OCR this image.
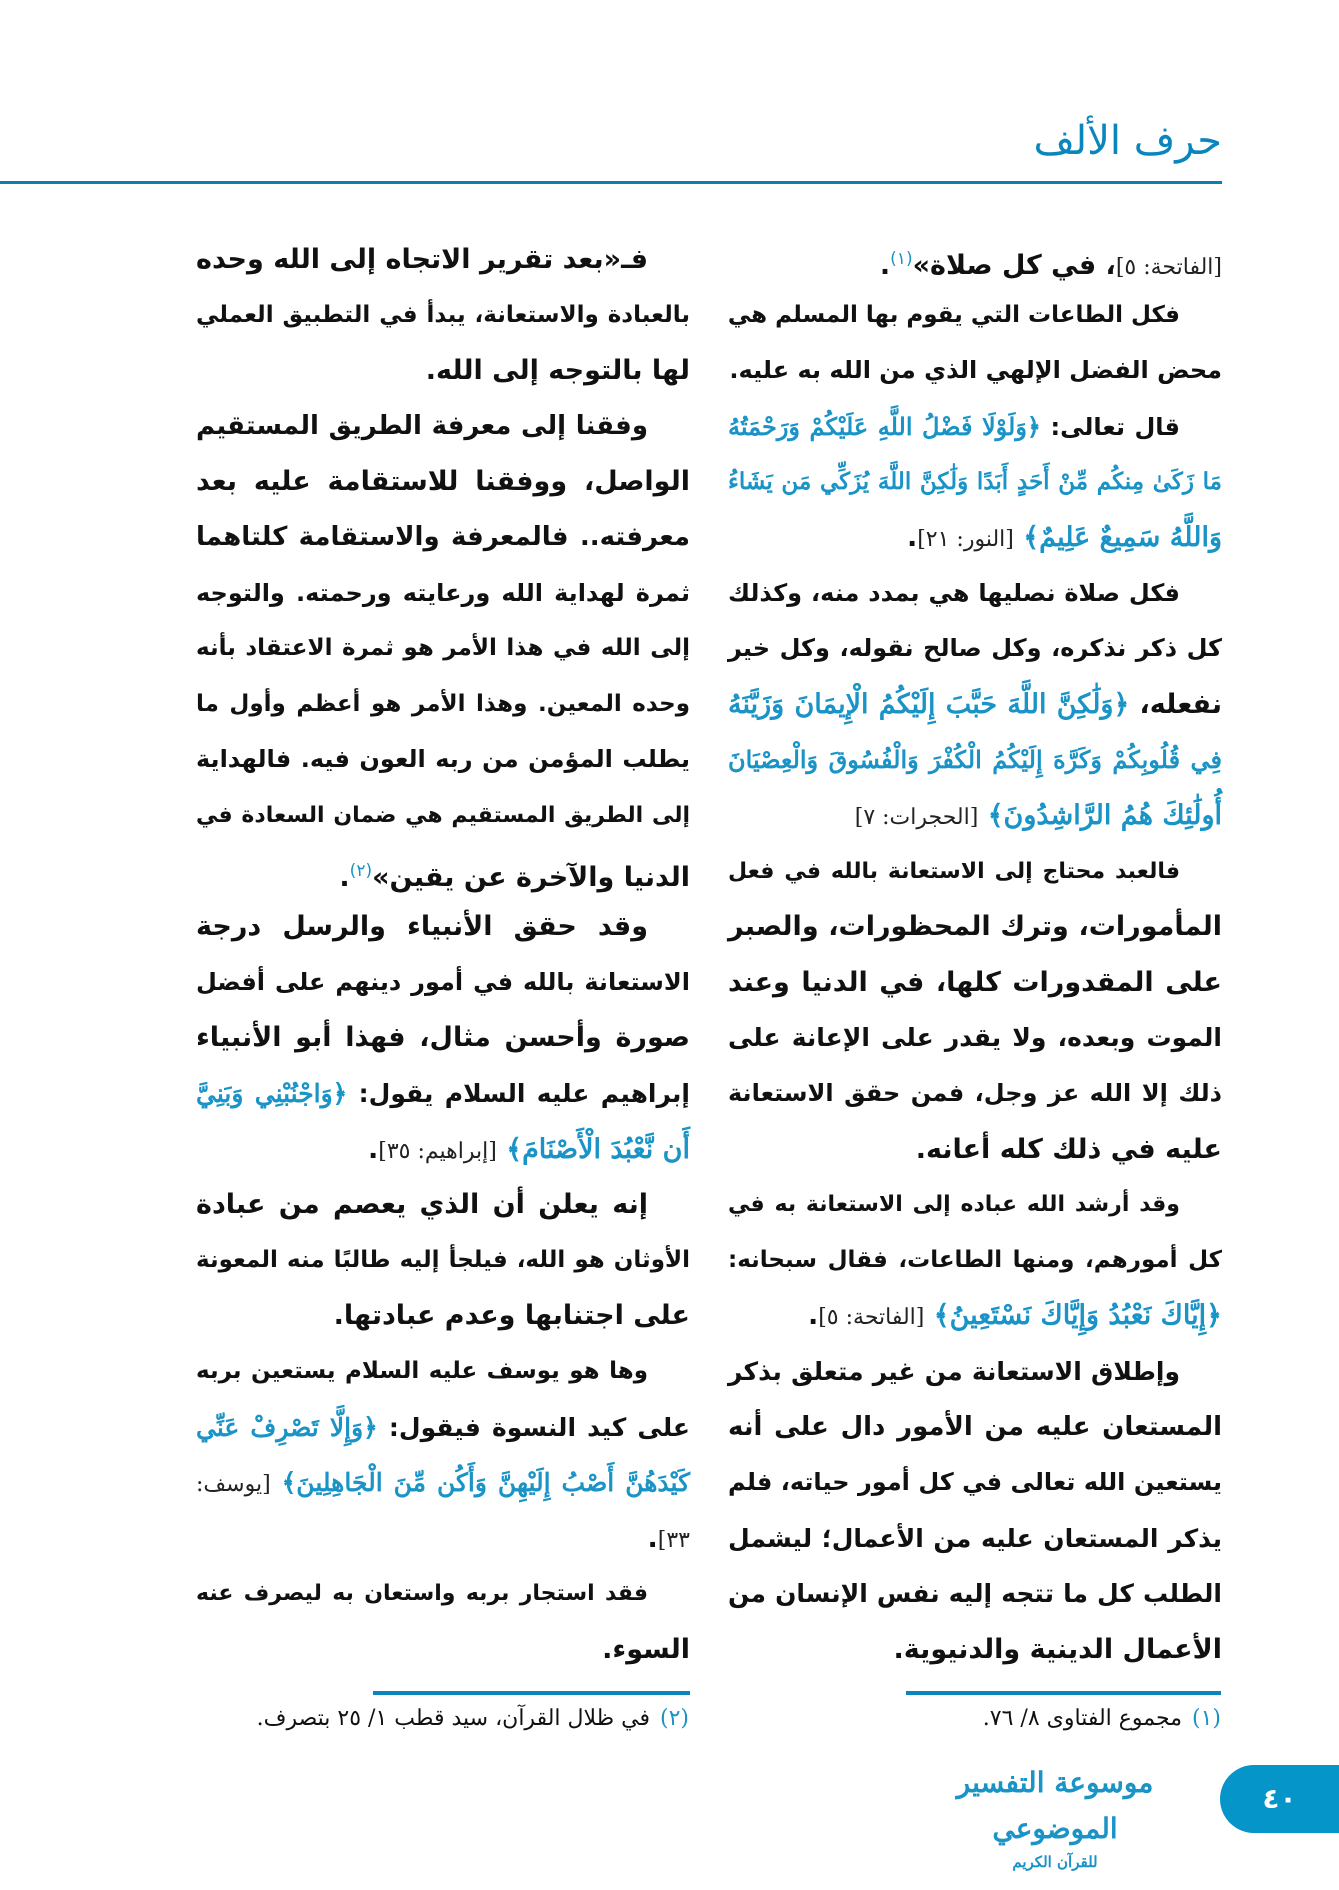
حرف الألف
[الفاتحة: ٥]، في كل صلاة»$^{(١)}$.
فكل الطاعات التي يقوم بها المسلم هي
محض الفضل الإلهي الذي من الله به عليه.
قال تعالى: ﴿وَلَوْلَا فَضْلُ اللَّهِ عَلَيْكُمْ وَرَحْمَتُهُ
مَا زَكَىٰ مِنكُم مِّنْ أَحَدٍ أَبَدًا وَلَٰكِنَّ اللَّهَ يُزَكِّي مَن يَشَاءُ
وَاللَّهُ سَمِيعٌ عَلِيمٌ﴾ [النور: ٢١].
فكل صلاة نصليها هي بمدد منه، وكذلك
كل ذكر نذكره، وكل صالح نقوله، وكل خير
نفعله، ﴿وَلَٰكِنَّ اللَّهَ حَبَّبَ إِلَيْكُمُ الْإِيمَانَ وَزَيَّنَهُ
فِي قُلُوبِكُمْ وَكَرَّهَ إِلَيْكُمُ الْكُفْرَ وَالْفُسُوقَ وَالْعِصْيَانَ
أُولَٰئِكَ هُمُ الرَّاشِدُونَ﴾ [الحجرات: ٧]
فالعبد محتاج إلى الاستعانة بالله في فعل
المأمورات، وترك المحظورات، والصبر
على المقدورات كلها، في الدنيا وعند
الموت وبعده، ولا يقدر على الإعانة على
ذلك إلا الله عز وجل، فمن حقق الاستعانة
عليه في ذلك كله أعانه.
وقد أرشد الله عباده إلى الاستعانة به في
كل أمورهم، ومنها الطاعات، فقال سبحانه:
﴿إِيَّاكَ نَعْبُدُ وَإِيَّاكَ نَسْتَعِينُ﴾ [الفاتحة: ٥].
وإطلاق الاستعانة من غير متعلق بذكر
المستعان عليه من الأمور دال على أنه
يستعين الله تعالى في كل أمور حياته، فلم
يذكر المستعان عليه من الأعمال؛ ليشمل
الطلب كل ما تتجه إليه نفس الإنسان من
الأعمال الدينية والدنيوية.
فـ«بعد تقرير الاتجاه إلى الله وحده
بالعبادة والاستعانة، يبدأ في التطبيق العملي
لها بالتوجه إلى الله.
وفقنا إلى معرفة الطريق المستقيم
الواصل، ووفقنا للاستقامة عليه بعد
معرفته.. فالمعرفة والاستقامة كلتاهما
ثمرة لهداية الله ورعايته ورحمته. والتوجه
إلى الله في هذا الأمر هو ثمرة الاعتقاد بأنه
وحده المعين. وهذا الأمر هو أعظم وأول ما
يطلب المؤمن من ربه العون فيه. فالهداية
إلى الطريق المستقيم هي ضمان السعادة في
الدنيا والآخرة عن يقين»$^{(٢)}$.
وقد حقق الأنبياء والرسل درجة
الاستعانة بالله في أمور دينهم على أفضل
صورة وأحسن مثال، فهذا أبو الأنبياء
إبراهيم عليه السلام يقول: ﴿وَاجْنُبْنِي وَبَنِيَّ
أَن نَّعْبُدَ الْأَصْنَامَ﴾ [إبراهيم: ٣٥].
إنه يعلن أن الذي يعصم من عبادة
الأوثان هو الله، فيلجأ إليه طالبًا منه المعونة
على اجتنابها وعدم عبادتها.
وها هو يوسف عليه السلام يستعين بربه
على كيد النسوة فيقول: ﴿وَإِلَّا تَصْرِفْ عَنِّي
كَيْدَهُنَّ أَصْبُ إِلَيْهِنَّ وَأَكُن مِّنَ الْجَاهِلِينَ﴾ [يوسف:
٣٣].
فقد استجار بربه واستعان به ليصرف عنه
السوء.
(١)مجموع الفتاوى ٨/ ٧٦.
(٢)في ظلال القرآن، سيد قطب ١/ ٢٥ بتصرف.
موسوعة التفسير الموضوعي
للقرآن الكريم
٤٠
